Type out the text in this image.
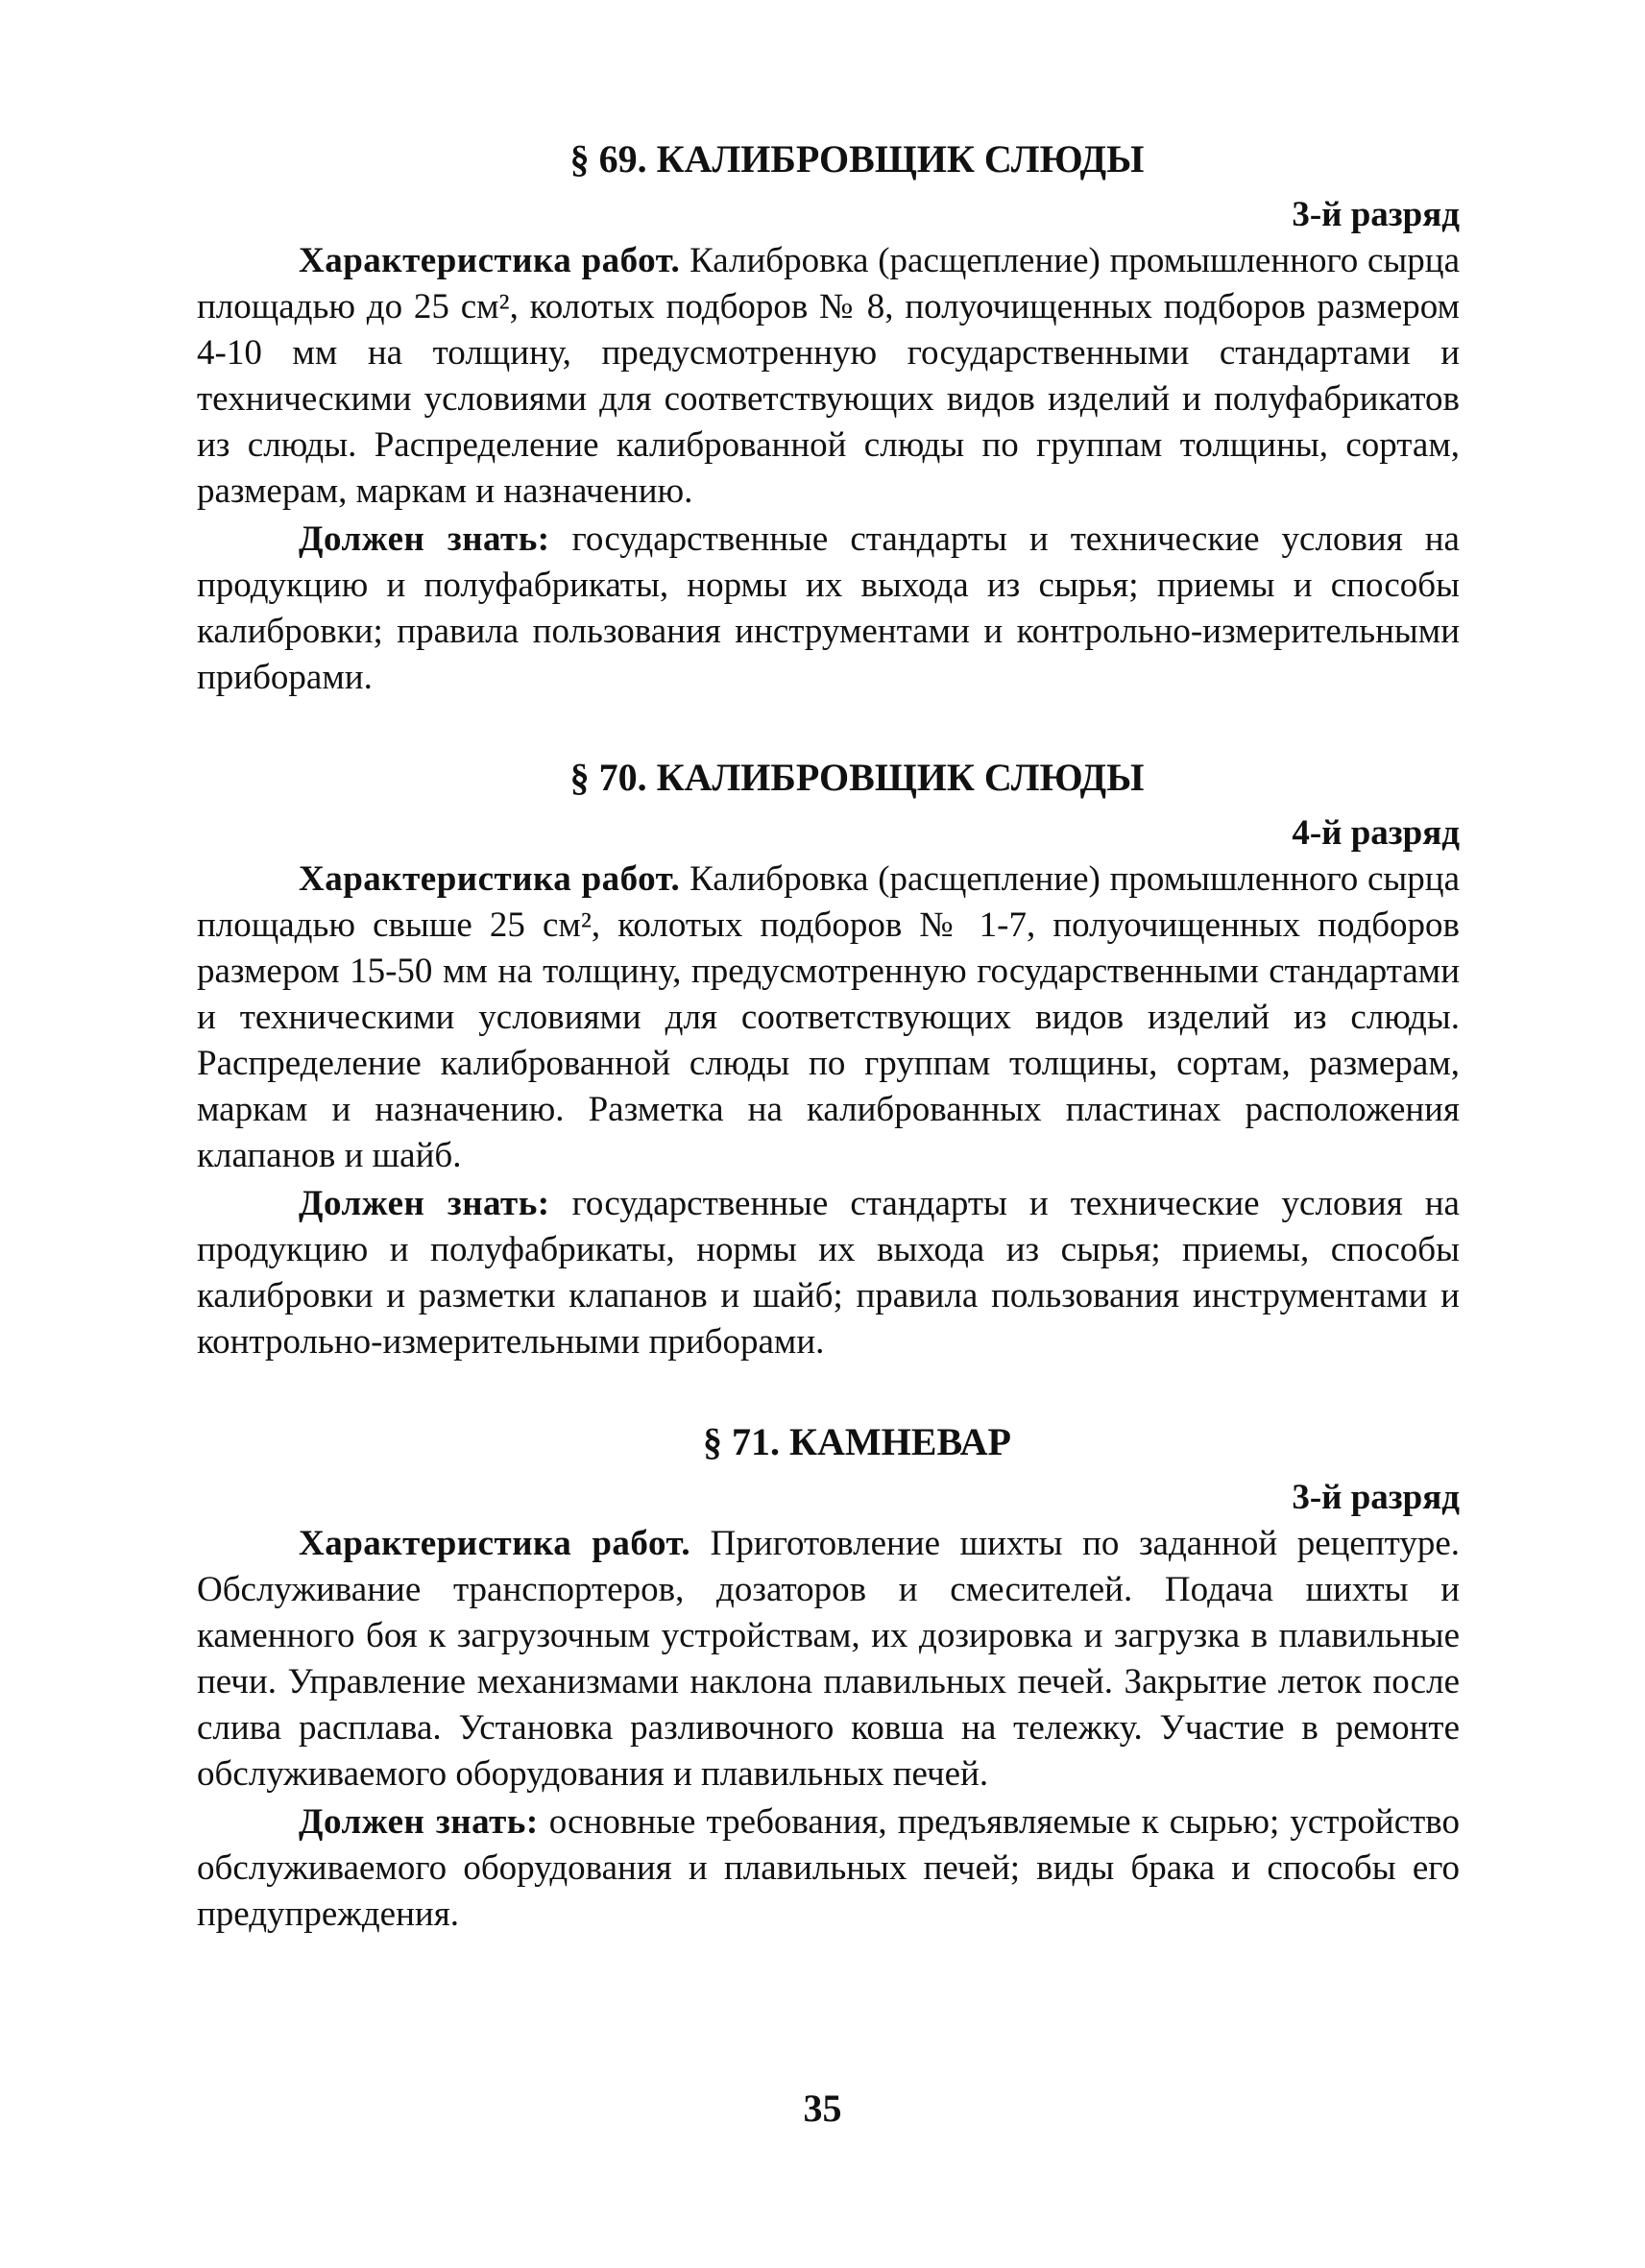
§ 69. КАЛИБРОВЩИК СЛЮДЫ

3-й разряд

Характеристика работ. Калибровка (расщепление) промышленного сырца площадью до 25 см², колотых подборов № 8, полуочищенных подборов размером 4-10 мм на толщину, предусмотренную государственными стандартами и техническими условиями для соответствующих видов изделий и полуфабрикатов из слюды. Распределение калиброванной слюды по группам толщины, сортам, размерам, маркам и назначению.

Должен знать: государственные стандарты и технические условия на продукцию и полуфабрикаты, нормы их выхода из сырья; приемы и способы калибровки; правила пользования инструментами и контрольно-измерительными приборами.

§ 70. КАЛИБРОВЩИК СЛЮДЫ

4-й разряд

Характеристика работ. Калибровка (расщепление) промышленного сырца площадью свыше 25 см², колотых подборов № 1-7, полуочищенных подборов размером 15-50 мм на толщину, предусмотренную государственными стандартами и техническими условиями для соответствующих видов изделий из слюды. Распределение калиброванной слюды по группам толщины, сортам, размерам, маркам и назначению. Разметка на калиброванных пластинах расположения клапанов и шайб.

Должен знать: государственные стандарты и технические условия на продукцию и полуфабрикаты, нормы их выхода из сырья; приемы, способы калибровки и разметки клапанов и шайб; правила пользования инструментами и контрольно-измерительными приборами.

§ 71. КАМНЕВАР

3-й разряд

Характеристика работ. Приготовление шихты по заданной рецептуре. Обслуживание транспортеров, дозаторов и смесителей. Подача шихты и каменного боя к загрузочным устройствам, их дозировка и загрузка в плавильные печи. Управление механизмами наклона плавильных печей. Закрытие леток после слива расплава. Установка разливочного ковша на тележку. Участие в ремонте обслуживаемого оборудования и плавильных печей.

Должен знать: основные требования, предъявляемые к сырью; устройство обслуживаемого оборудования и плавильных печей; виды брака и способы его предупреждения.

35
